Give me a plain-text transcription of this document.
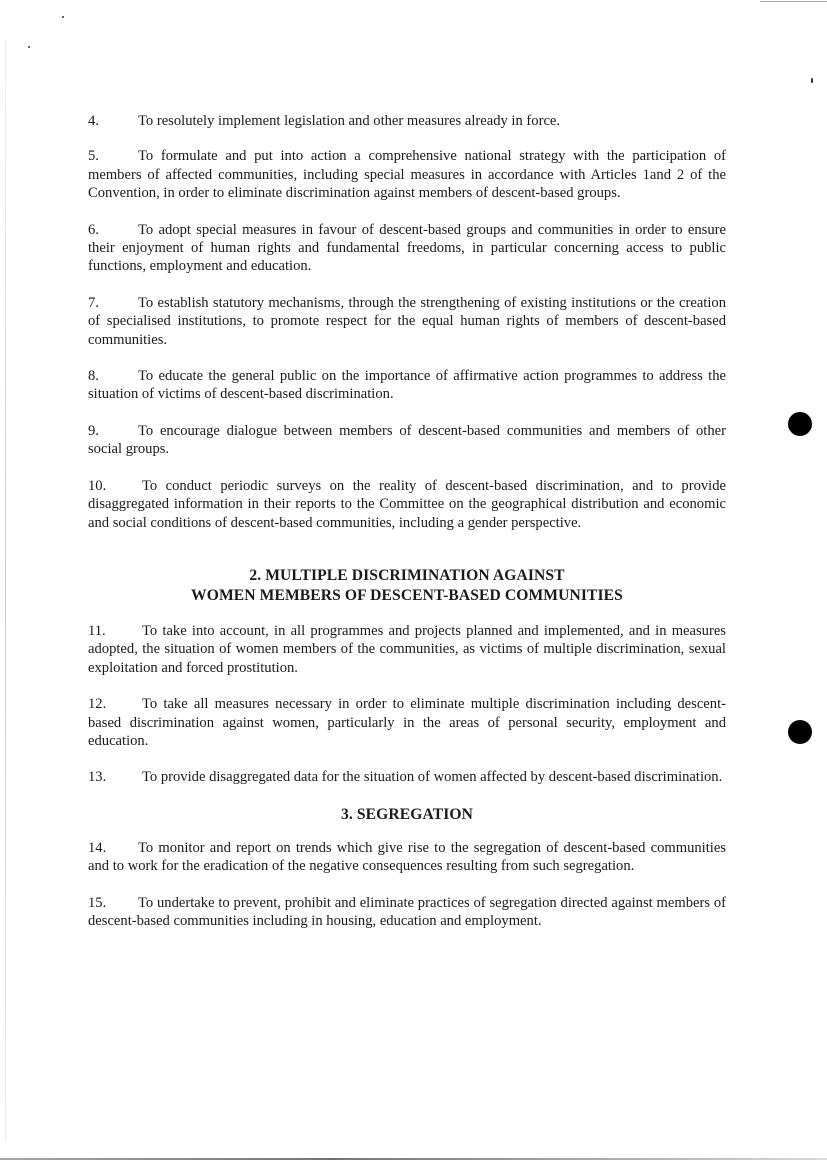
4.	To resolutely implement legislation and other measures already in force.

5.	To formulate and put into action a comprehensive national strategy with the participation of members of affected communities, including special measures in accordance with Articles 1and 2 of the Convention, in order to eliminate discrimination against members of descent-based groups.

6.	To adopt special measures in favour of descent-based groups and communities in order to ensure their enjoyment of human rights and fundamental freedoms, in particular concerning access to public functions, employment and education.

7.	To establish statutory mechanisms, through the strengthening of existing institutions or the creation of specialised institutions, to promote respect for the equal human rights of members of descent-based communities.

8.	To educate the general public on the importance of affirmative action programmes to address the situation of victims of descent-based discrimination.

9.	To encourage dialogue between members of descent-based communities and members of other social groups.

10. To conduct periodic surveys on the reality of descent-based discrimination, and to provide disaggregated information in their reports to the Committee on the geographical distribution and economic and social conditions of descent-based communities, including a gender perspective.

2. MULTIPLE DISCRIMINATION AGAINST
WOMEN MEMBERS OF DESCENT-BASED COMMUNITIES

11. To take into account, in all programmes and projects planned and implemented, and in measures adopted, the situation of women members of the communities, as victims of multiple discrimination, sexual exploitation and forced prostitution.

12. To take all measures necessary in order to eliminate multiple discrimination including descent-based discrimination against women, particularly in the areas of personal security, employment and education.

13. To provide disaggregated data for the situation of women affected by descent-based discrimination.

3. SEGREGATION

14. To monitor and report on trends which give rise to the segregation of descent-based communities and to work for the eradication of the negative consequences resulting from such segregation.

15. To undertake to prevent, prohibit and eliminate practices of segregation directed against members of descent-based communities including in housing, education and employment.
